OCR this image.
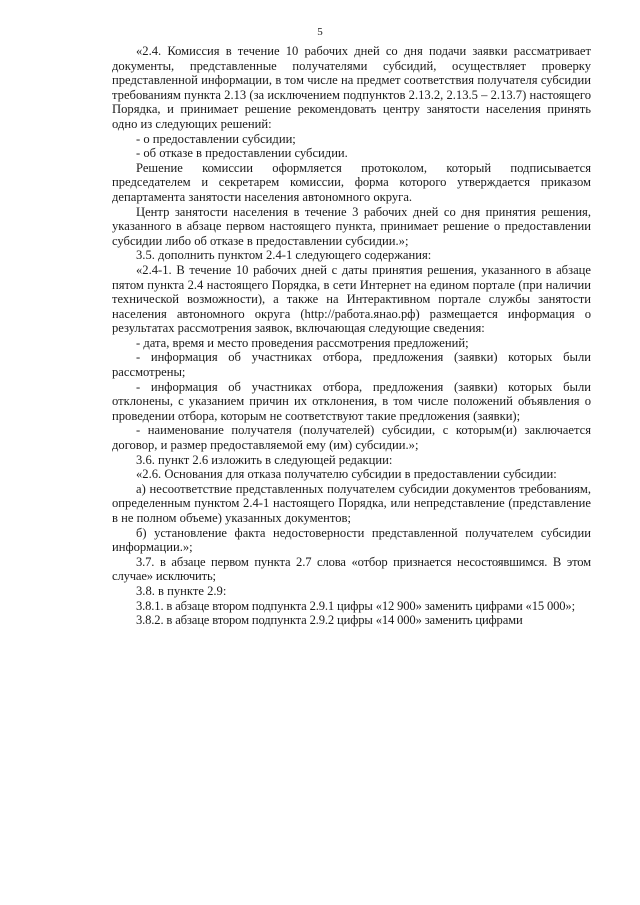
5

«2.4. Комиссия в течение 10 рабочих дней со дня подачи заявки рассматривает документы, представленные получателями субсидий, осуществляет проверку представленной информации, в том числе на предмет соответствия получателя субсидии требованиям пункта 2.13 (за исключением подпунктов 2.13.2, 2.13.5 – 2.13.7) настоящего Порядка, и принимает решение рекомендовать центру занятости населения принять одно из следующих решений:

- о предоставлении субсидии;

- об отказе в предоставлении субсидии.

Решение комиссии оформляется протоколом, который подписывается председателем и секретарем комиссии, форма которого утверждается приказом департамента занятости населения автономного округа.

Центр занятости населения в течение 3 рабочих дней со дня принятия решения, указанного в абзаце первом настоящего пункта, принимает решение о предоставлении субсидии либо об отказе в предоставлении субсидии.»;

3.5. дополнить пунктом 2.4-1 следующего содержания:

«2.4-1. В течение 10 рабочих дней с даты принятия решения, указанного в абзаце пятом пункта 2.4 настоящего Порядка, в сети Интернет на едином портале (при наличии технической возможности), а также на Интерактивном портале службы занятости населения автономного округа (http://работа.янао.рф) размещается информация о результатах рассмотрения заявок, включающая следующие сведения:

- дата, время и место проведения рассмотрения предложений;

- информация об участниках отбора, предложения (заявки) которых были рассмотрены;

- информация об участниках отбора, предложения (заявки) которых были отклонены, с указанием причин их отклонения, в том числе положений объявления о проведении отбора, которым не соответствуют такие предложения (заявки);

- наименование получателя (получателей) субсидии, с которым(и) заключается договор, и размер предоставляемой ему (им) субсидии.»;

3.6. пункт 2.6 изложить в следующей редакции:

«2.6. Основания для отказа получателю субсидии в предоставлении субсидии:

а) несоответствие представленных получателем субсидии документов требованиям, определенным пунктом 2.4-1 настоящего Порядка, или непредставление (представление в не полном объеме) указанных документов;

б) установление факта недостоверности представленной получателем субсидии информации.»;

3.7. в абзаце первом пункта 2.7 слова «отбор признается несостоявшимся. В этом случае» исключить;

3.8. в пункте 2.9:

3.8.1. в абзаце втором подпункта 2.9.1 цифры «12 900» заменить цифрами «15 000»;

3.8.2. в абзаце втором подпункта 2.9.2 цифры «14 000» заменить цифрами
